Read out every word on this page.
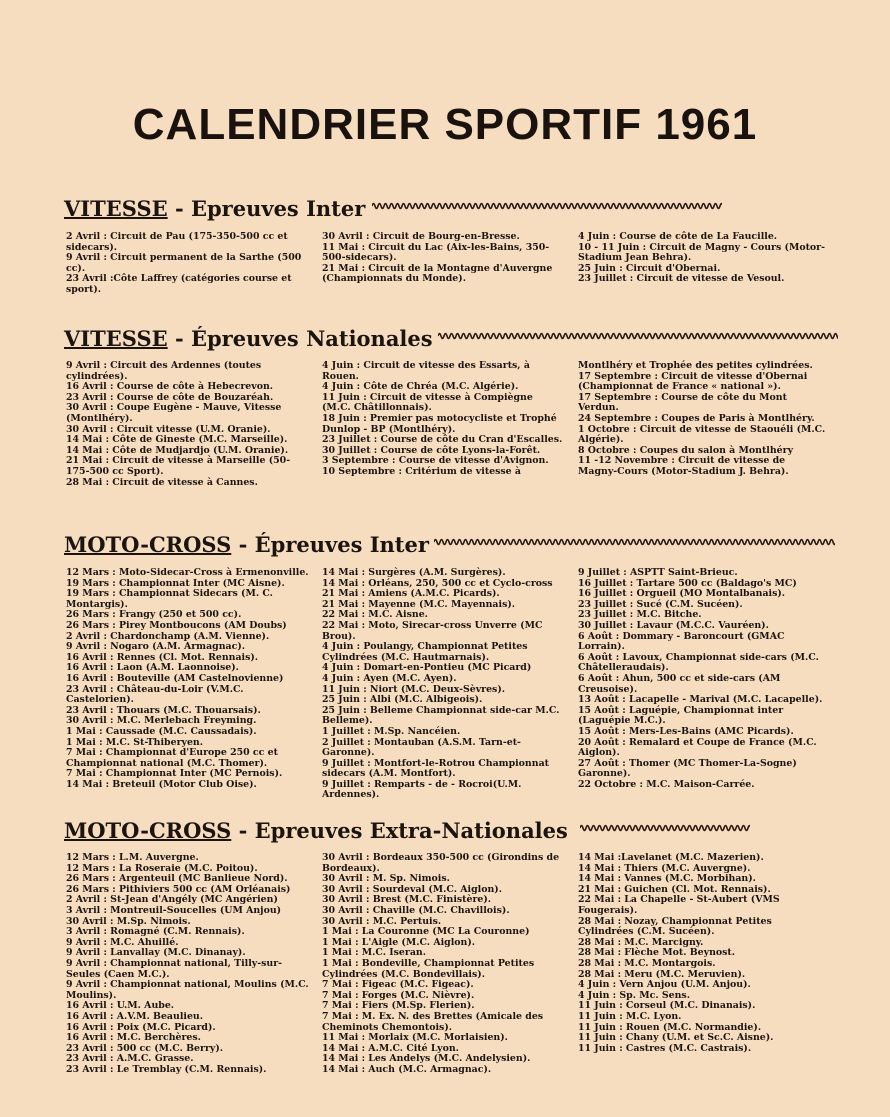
CALENDRIER SPORTIF 1961
VITESSE - Epreuves Inter
2 Avril : Circuit de Pau (175-350-500 cc et sidecars).
9 Avril : Circuit permanent de la Sarthe (500 cc).
23 Avril :Côte Laffrey (catégories course et sport).
30 Avril : Circuit de Bourg-en-Bresse.
11 Mai : Circuit du Lac (Aix-les-Bains, 350-500-sidecars).
21 Mai : Circuit de la Montagne d'Auvergne (Championnats du Monde).
4 Juin : Course de côte de La Faucille.
10 - 11 Juin : Circuit de Magny - Cours (Motor-Stadium Jean Behra).
25 Juin : Circuit d'Obernai.
23 Juillet : Circuit de vitesse de Vesoul.
VITESSE - Épreuves Nationales
9 Avril : Circuit des Ardennes (toutes cylindrées).
16 Avril : Course de côte à Hebecrevon.
23 Avril : Course de côte de Bouzaréah.
30 Avril : Coupe Eugène - Mauve, Vitesse (Montlhéry).
30 Avril : Circuit vitesse (U.M. Oranie).
14 Mai : Côte de Gineste (M.C. Marseille).
14 Mai : Côte de Mudjardjo (U.M. Oranie).
21 Mai : Circuit de vitesse à Marseille (50-175-500 cc Sport).
28 Mai : Circuit de vitesse à Cannes.
4 Juin : Circuit de vitesse des Essarts, à Rouen.
4 Juin : Côte de Chréa (M.C. Algérie).
11 Juin : Circuit de vitesse à Compiègne (M.C. Châtillonnais).
18 Juin : Premier pas motocycliste et Trophé Dunlop - BP (Montlhéry).
23 Juillet : Course de côte du Cran d'Escalles.
30 Juillet : Course de côte Lyons-la-Forêt.
3 Septembre : Course de vitesse d'Avignon.
10 Septembre : Critérium de vitesse à
Montlhéry et Trophée des petites cylindrées.
17 Septembre : Circuit de vitesse d'Obernai (Championnat de France « national »).
17 Septembre : Course de côte du Mont Verdun.
24 Septembre : Coupes de Paris à Montlhéry.
1 Octobre : Circuit de vitesse de Staouéli (M.C. Algérie).
8 Octobre : Coupes du salon à Montlhéry
11 -12 Novembre : Circuit de vitesse de Magny-Cours (Motor-Stadium J. Behra).
MOTO-CROSS - Épreuves Inter
12 Mars : Moto-Sidecar-Cross à Ermenonville.
19 Mars : Championnat Inter (MC Aisne).
19 Mars : Championnat Sidecars (M. C. Montargis).
26 Mars : Frangy (250 et 500 cc).
26 Mars : Pirey Montboucons (AM Doubs)
2 Avril : Chardonchamp (A.M. Vienne).
9 Avril : Nogaro (A.M. Armagnac).
16 Avril : Rennes (Cl. Mot. Rennais).
16 Avril : Laon (A.M. Laonnoise).
16 Avril : Bouteville (AM Castelnovienne)
23 Avril : Château-du-Loir (V.M.C. Castelorien).
23 Avril : Thouars (M.C. Thouarsais).
30 Avril : M.C. Merlebach Freyming.
1 Mai : Caussade (M.C. Caussadais).
1 Mai : M.C. St-Thiberyen.
7 Mai : Championnat d'Europe 250 cc et Championnat national (M.C. Thomer).
7 Mai : Championnat Inter (MC Pernois).
14 Mai : Breteuil (Motor Club Oise).
14 Mai : Surgères (A.M. Surgères).
14 Mai : Orléans, 250, 500 cc et Cyclo-cross
21 Mai : Amiens (A.M.C. Picards).
21 Mai : Mayenne (M.C. Mayennais).
22 Mai : M.C. Aisne.
22 Mai : Moto, Sirecar-cross Unverre (MC Brou).
4 Juin : Poulangy, Championnat Petites Cylindrées (M.C. Hautmarnais).
4 Juin : Domart-en-Pontieu (MC Picard)
4 Juin : Ayen (M.C. Ayen).
11 Juin : Niort (M.C. Deux-Sèvres).
25 Juin : Albi (M.C. Albigeois).
25 Juin : Belleme Championnat side-car M.C. Belleme).
1 Juillet : M.Sp. Nancéien.
2 Juillet : Montauban (A.S.M. Tarn-et-Garonne).
9 Juillet : Montfort-le-Rotrou Championnat sidecars (A.M. Montfort).
9 Juillet : Remparts - de - Rocroi(U.M. Ardennes).
9 Juillet : ASPTT Saint-Brieuc.
16 Juillet : Tartare 500 cc (Baldago's MC)
16 Juillet : Orgueil (MO Montalbanais).
23 Juillet : Sucé (C.M. Sucéen).
23 Juillet : M.C. Bitche.
30 Juillet : Lavaur (M.C.C. Vauréen).
6 Août : Dommary - Baroncourt (GMAC Lorrain).
6 Août : Lavoux, Championnat side-cars (M.C. Châtelleraudais).
6 Août : Ahun, 500 cc et side-cars (AM Creusoise).
13 Août : Lacapelle - Marival (M.C. Lacapelle).
15 Août : Laguépie, Championnat inter (Laguépie M.C.).
15 Août : Mers-Les-Bains (AMC Picards).
20 Août : Remalard et Coupe de France (M.C. Aiglon).
27 Août : Thomer (MC Thomer-La-Sogne) Garonne).
22 Octobre : M.C. Maison-Carrée.
MOTO-CROSS - Epreuves Extra-Nationales
12 Mars : L.M. Auvergne.
12 Mars : La Roseraie (M.C. Poitou).
26 Mars : Argenteuil (MC Banlieue Nord).
26 Mars : Pithiviers 500 cc (AM Orléanais)
2 Avril : St-Jean d'Angély (MC Angérien)
3 Avril : Montreuil-Soucelles (UM Anjou)
30 Avril : M.Sp. Nimois.
3 Avril : Romagné (C.M. Rennais).
9 Avril : M.C. Ahuillé.
9 Avril : Lanvallay (M.C. Dinanay).
9 Avril : Championnat national, Tilly-sur-Seules (Caen M.C.).
9 Avril : Championnat national, Moulins (M.C. Moulins).
16 Avril : U.M. Aube.
16 Avril : A.V.M. Beaulieu.
16 Avril : Poix (M.C. Picard).
16 Avril : M.C. Berchères.
23 Avril : 500 cc (M.C. Berry).
23 Avril : A.M.C. Grasse.
23 Avril : Le Tremblay (C.M. Rennais).
30 Avril : Bordeaux 350-500 cc (Girondins de Bordeaux).
30 Avril : M. Sp. Nimois.
30 Avril : Sourdeval (M.C. Aiglon).
30 Avril : Brest (M.C. Finistère).
30 Avril : Chaville (M.C. Chavillois).
30 Avril : M.C. Pertuis.
1 Mai : La Couronne (MC La Couronne)
1 Mai : L'Aigle (M.C. Aiglon).
1 Mai : M.C. Iseran.
1 Mai : Bondeville, Championnat Petites Cylindrées (M.C. Bondevillais).
7 Mai : Figeac (M.C. Figeac).
7 Mai : Forges (M.C. Nièvre).
7 Mai : Fiers (M.Sp. Flerien).
7 Mai : M. Ex. N. des Brettes (Amicale des Cheminots Chemontois).
11 Mai : Morlaix (M.C. Morlaisien).
14 Mai : A.M.C. Cité Lyon.
14 Mai : Les Andelys (M.C. Andelysien).
14 Mai : Auch (M.C. Armagnac).
14 Mai :Lavelanet (M.C. Mazerien).
14 Mai : Thiers (M.C. Auvergne).
14 Mai : Vannes (M.C. Morbihan).
21 Mai : Guichen (Cl. Mot. Rennais).
22 Mai : La Chapelle - St-Aubert (VMS Fougerais).
28 Mai : Nozay, Championnat Petites Cylindrées (C.M. Sucéen).
28 Mai : M.C. Marcigny.
28 Mai : Flèche Mot. Beynost.
28 Mai : M.C. Montargois.
28 Mai : Meru (M.C. Meruvien).
4 Juin : Vern Anjou (U.M. Anjou).
4 Juin : Sp. Mc. Sens.
11 Juin : Corseul (M.C. Dinanais).
11 Juin : M.C. Lyon.
11 Juin : Rouen (M.C. Normandie).
11 Juin : Chany (U.M. et Sc.C. Aisne).
11 Juin : Castres (M.C. Castrais).
